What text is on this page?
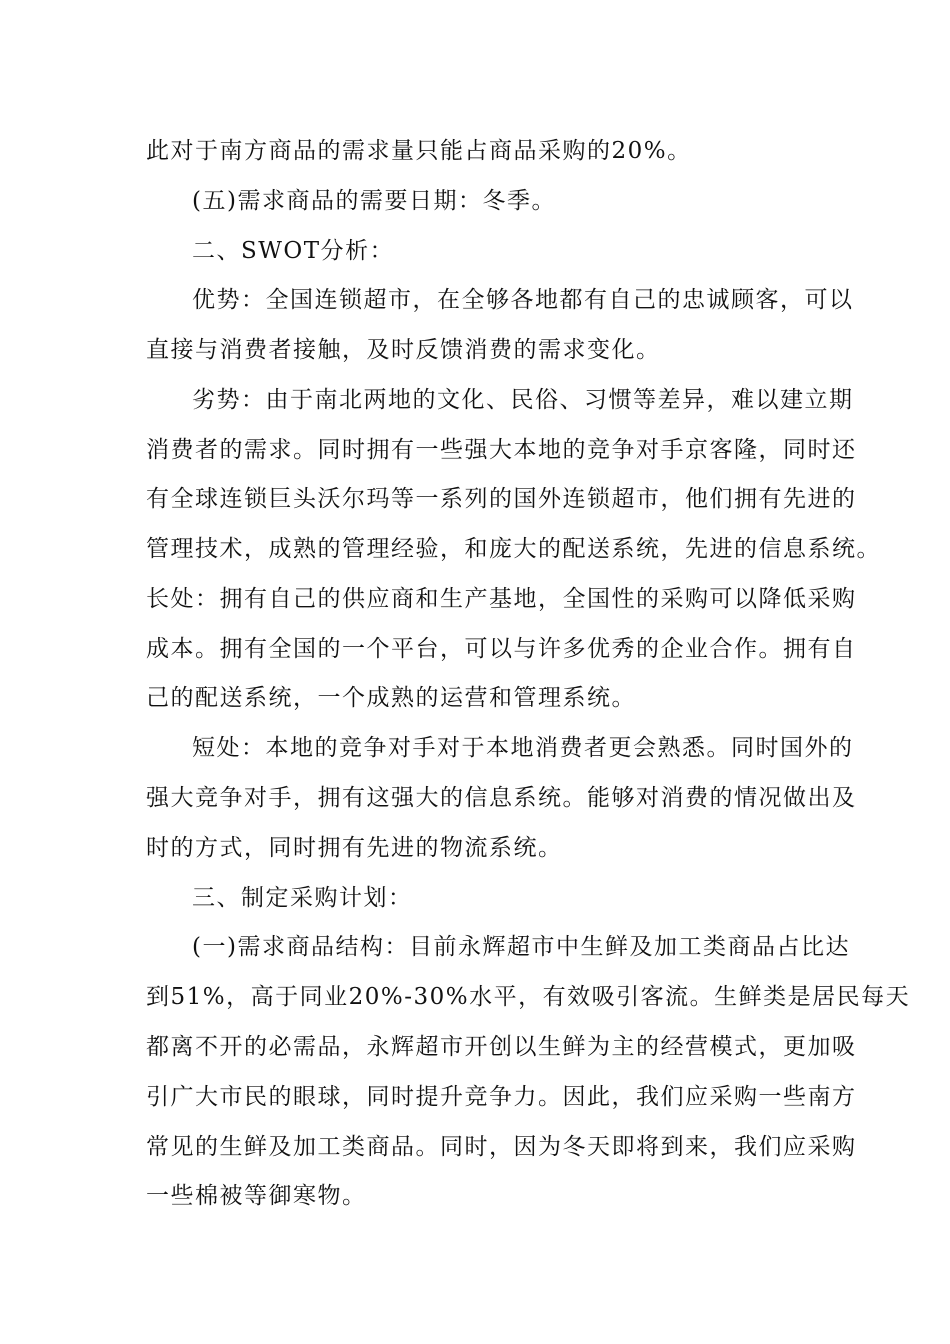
此对于南方商品的需求量只能占商品采购的20%。
(五)需求商品的需要日期：冬季。
二、SWOT分析：
优势：全国连锁超市，在全够各地都有自己的忠诚顾客，可以
直接与消费者接触，及时反馈消费的需求变化。
劣势：由于南北两地的文化、民俗、习惯等差异，难以建立期
消费者的需求。同时拥有一些强大本地的竞争对手京客隆，同时还
有全球连锁巨头沃尔玛等一系列的国外连锁超市，他们拥有先进的
管理技术，成熟的管理经验，和庞大的配送系统，先进的信息系统。
长处：拥有自己的供应商和生产基地，全国性的采购可以降低采购
成本。拥有全国的一个平台，可以与许多优秀的企业合作。拥有自
己的配送系统，一个成熟的运营和管理系统。
短处：本地的竞争对手对于本地消费者更会熟悉。同时国外的
强大竞争对手，拥有这强大的信息系统。能够对消费的情况做出及
时的方式，同时拥有先进的物流系统。
三、制定采购计划：
(一)需求商品结构：目前永辉超市中生鲜及加工类商品占比达
到51%，高于同业20%-30%水平，有效吸引客流。生鲜类是居民每天
都离不开的必需品，永辉超市开创以生鲜为主的经营模式，更加吸
引广大市民的眼球，同时提升竞争力。因此，我们应采购一些南方
常见的生鲜及加工类商品。同时，因为冬天即将到来，我们应采购
一些棉被等御寒物。
